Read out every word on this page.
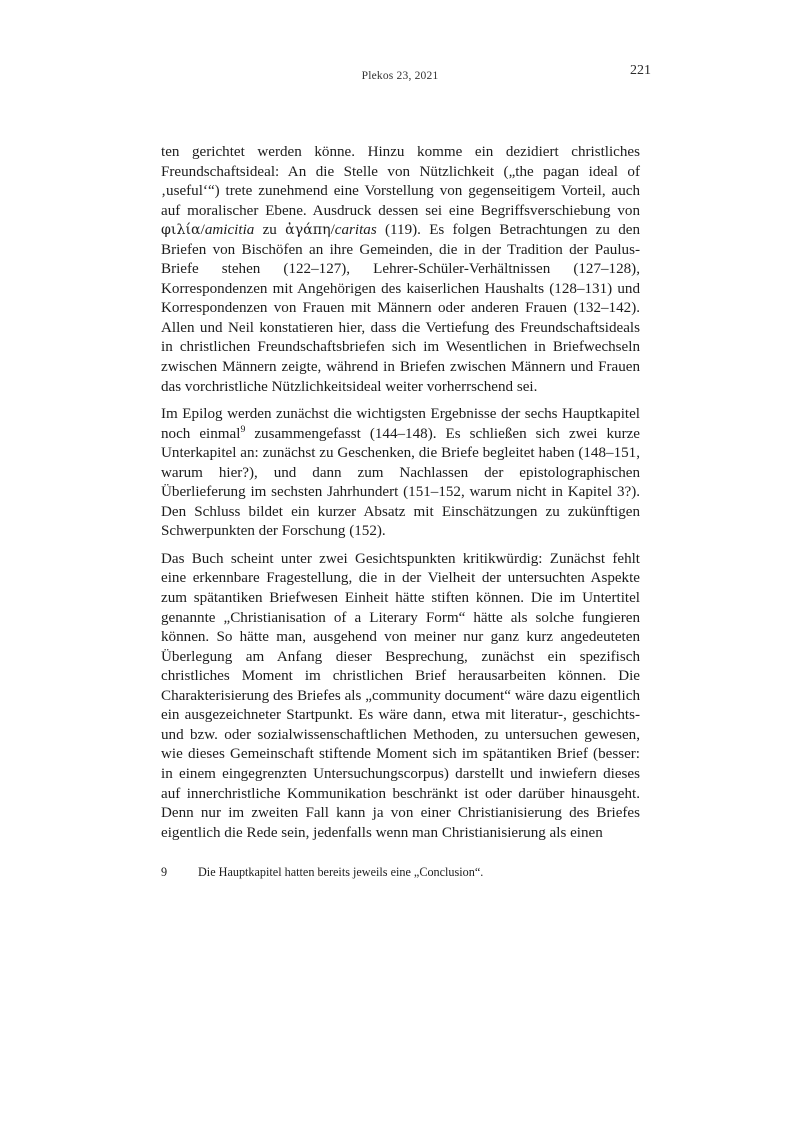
Plekos 23, 2021	221

ten gerichtet werden könne. Hinzu komme ein dezidiert christliches Freundschaftsideal: An die Stelle von Nützlichkeit („the pagan ideal of ‚useful‘“) trete zunehmend eine Vorstellung von gegenseitigem Vorteil, auch auf moralischer Ebene. Ausdruck dessen sei eine Begriffsverschiebung von φιλία/amicitia zu ἀγάπη/caritas (119). Es folgen Betrachtungen zu den Briefen von Bischöfen an ihre Gemeinden, die in der Tradition der Paulus-Briefe stehen (122–127), Lehrer-Schüler-Verhältnissen (127–128), Korrespondenzen mit Angehörigen des kaiserlichen Haushalts (128–131) und Korrespondenzen von Frauen mit Männern oder anderen Frauen (132–142). Allen und Neil konstatieren hier, dass die Vertiefung des Freundschaftsideals in christlichen Freundschaftsbriefen sich im Wesentlichen in Briefwechseln zwischen Männern zeigte, während in Briefen zwischen Männern und Frauen das vorchristliche Nützlichkeitsideal weiter vorherrschend sei.

Im Epilog werden zunächst die wichtigsten Ergebnisse der sechs Hauptkapitel noch einmal$^9$ zusammengefasst (144–148). Es schließen sich zwei kurze Unterkapitel an: zunächst zu Geschenken, die Briefe begleitet haben (148–151, warum hier?), und dann zum Nachlassen der epistolographischen Überlieferung im sechsten Jahrhundert (151–152, warum nicht in Kapitel 3?). Den Schluss bildet ein kurzer Absatz mit Einschätzungen zu zukünftigen Schwerpunkten der Forschung (152).

Das Buch scheint unter zwei Gesichtspunkten kritikwürdig: Zunächst fehlt eine erkennbare Fragestellung, die in der Vielheit der untersuchten Aspekte zum spätantiken Briefwesen Einheit hätte stiften können. Die im Untertitel genannte „Christianisation of a Literary Form“ hätte als solche fungieren können. So hätte man, ausgehend von meiner nur ganz kurz angedeuteten Überlegung am Anfang dieser Besprechung, zunächst ein spezifisch christliches Moment im christlichen Brief herausarbeiten können. Die Charakterisierung des Briefes als „community document“ wäre dazu eigentlich ein ausgezeichneter Startpunkt. Es wäre dann, etwa mit literatur-, geschichts- und bzw. oder sozialwissenschaftlichen Methoden, zu untersuchen gewesen, wie dieses Gemeinschaft stiftende Moment sich im spätantiken Brief (besser: in einem eingegrenzten Untersuchungscorpus) darstellt und inwiefern dieses auf innerchristliche Kommunikation beschränkt ist oder darüber hinausgeht. Denn nur im zweiten Fall kann ja von einer Christianisierung des Briefes eigentlich die Rede sein, jedenfalls wenn man Christianisierung als einen

9	Die Hauptkapitel hatten bereits jeweils eine „Conclusion“.
